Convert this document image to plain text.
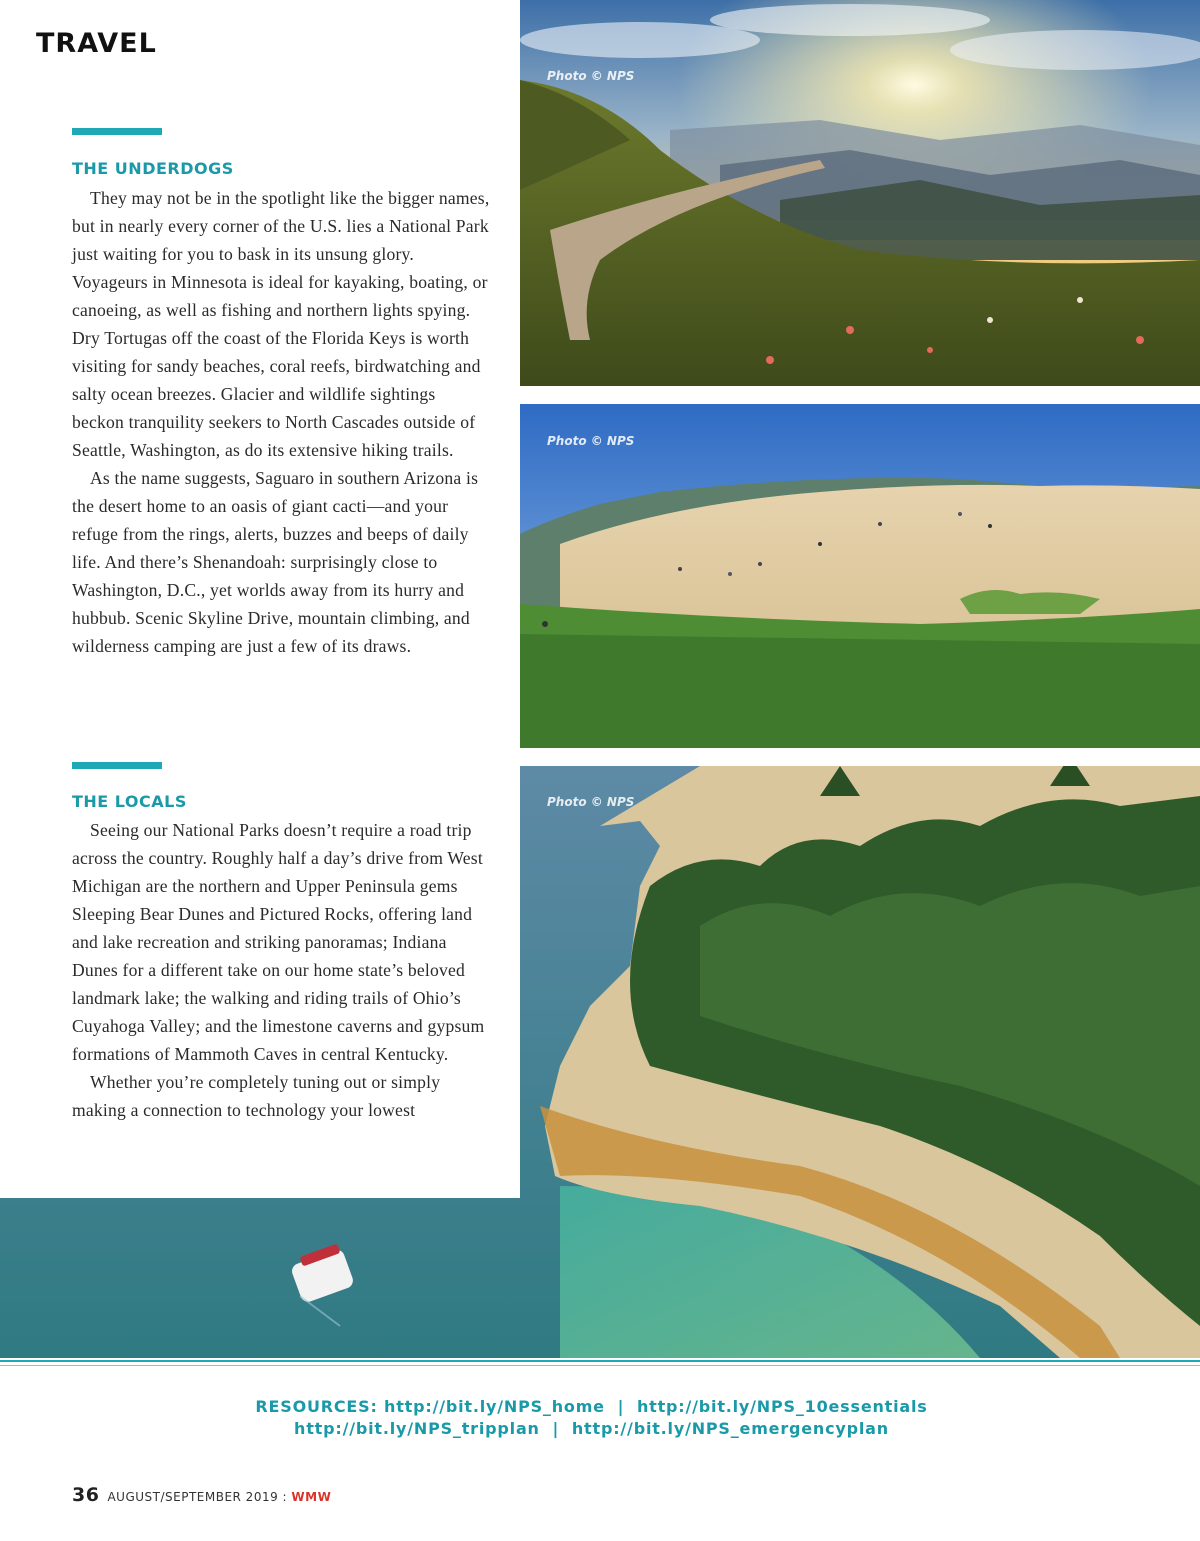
TRAVEL
Photo © NPS
Photo © NPS
Photo © NPS
THE UNDERDOGS

They may not be in the spotlight like the bigger names, but in nearly every corner of the U.S. lies a National Park just waiting for you to bask in its unsung glory. Voyageurs in Minnesota is ideal for kayaking, boating, or canoeing, as well as fishing and northern lights spying. Dry Tortugas off the coast of the Florida Keys is worth visiting for sandy beaches, coral reefs, birdwatching and salty ocean breezes. Glacier and wildlife sightings beckon tranquility seekers to North Cascades outside of Seattle, Washington, as do its extensive hiking trails.

As the name suggests, Saguaro in southern Arizona is the desert home to an oasis of giant cacti—and your refuge from the rings, alerts, buzzes and beeps of daily life. And there’s Shenandoah: surprisingly close to Washington, D.C., yet worlds away from its hurry and hubbub. Scenic Skyline Drive, mountain climbing, and wilderness camping are just a few of its draws.

THE LOCALS

Seeing our National Parks doesn’t require a road trip across the country. Roughly half a day’s drive from West Michigan are the northern and Upper Peninsula gems Sleeping Bear Dunes and Pictured Rocks, offering land and lake recreation and striking panoramas; Indiana Dunes for a different take on our home state’s beloved landmark lake; the walking and riding trails of Ohio’s Cuyahoga Valley; and the limestone caverns and gypsum formations of Mammoth Caves in central Kentucky.

Whether you’re completely tuning out or simply making a connection to technology your lowest

RESOURCES: http://bit.ly/NPS_home  |  http://bit.ly/NPS_10essentials
http://bit.ly/NPS_tripplan  |  http://bit.ly/NPS_emergencyplan
36 AUGUST/SEPTEMBER 2019 : WMW
